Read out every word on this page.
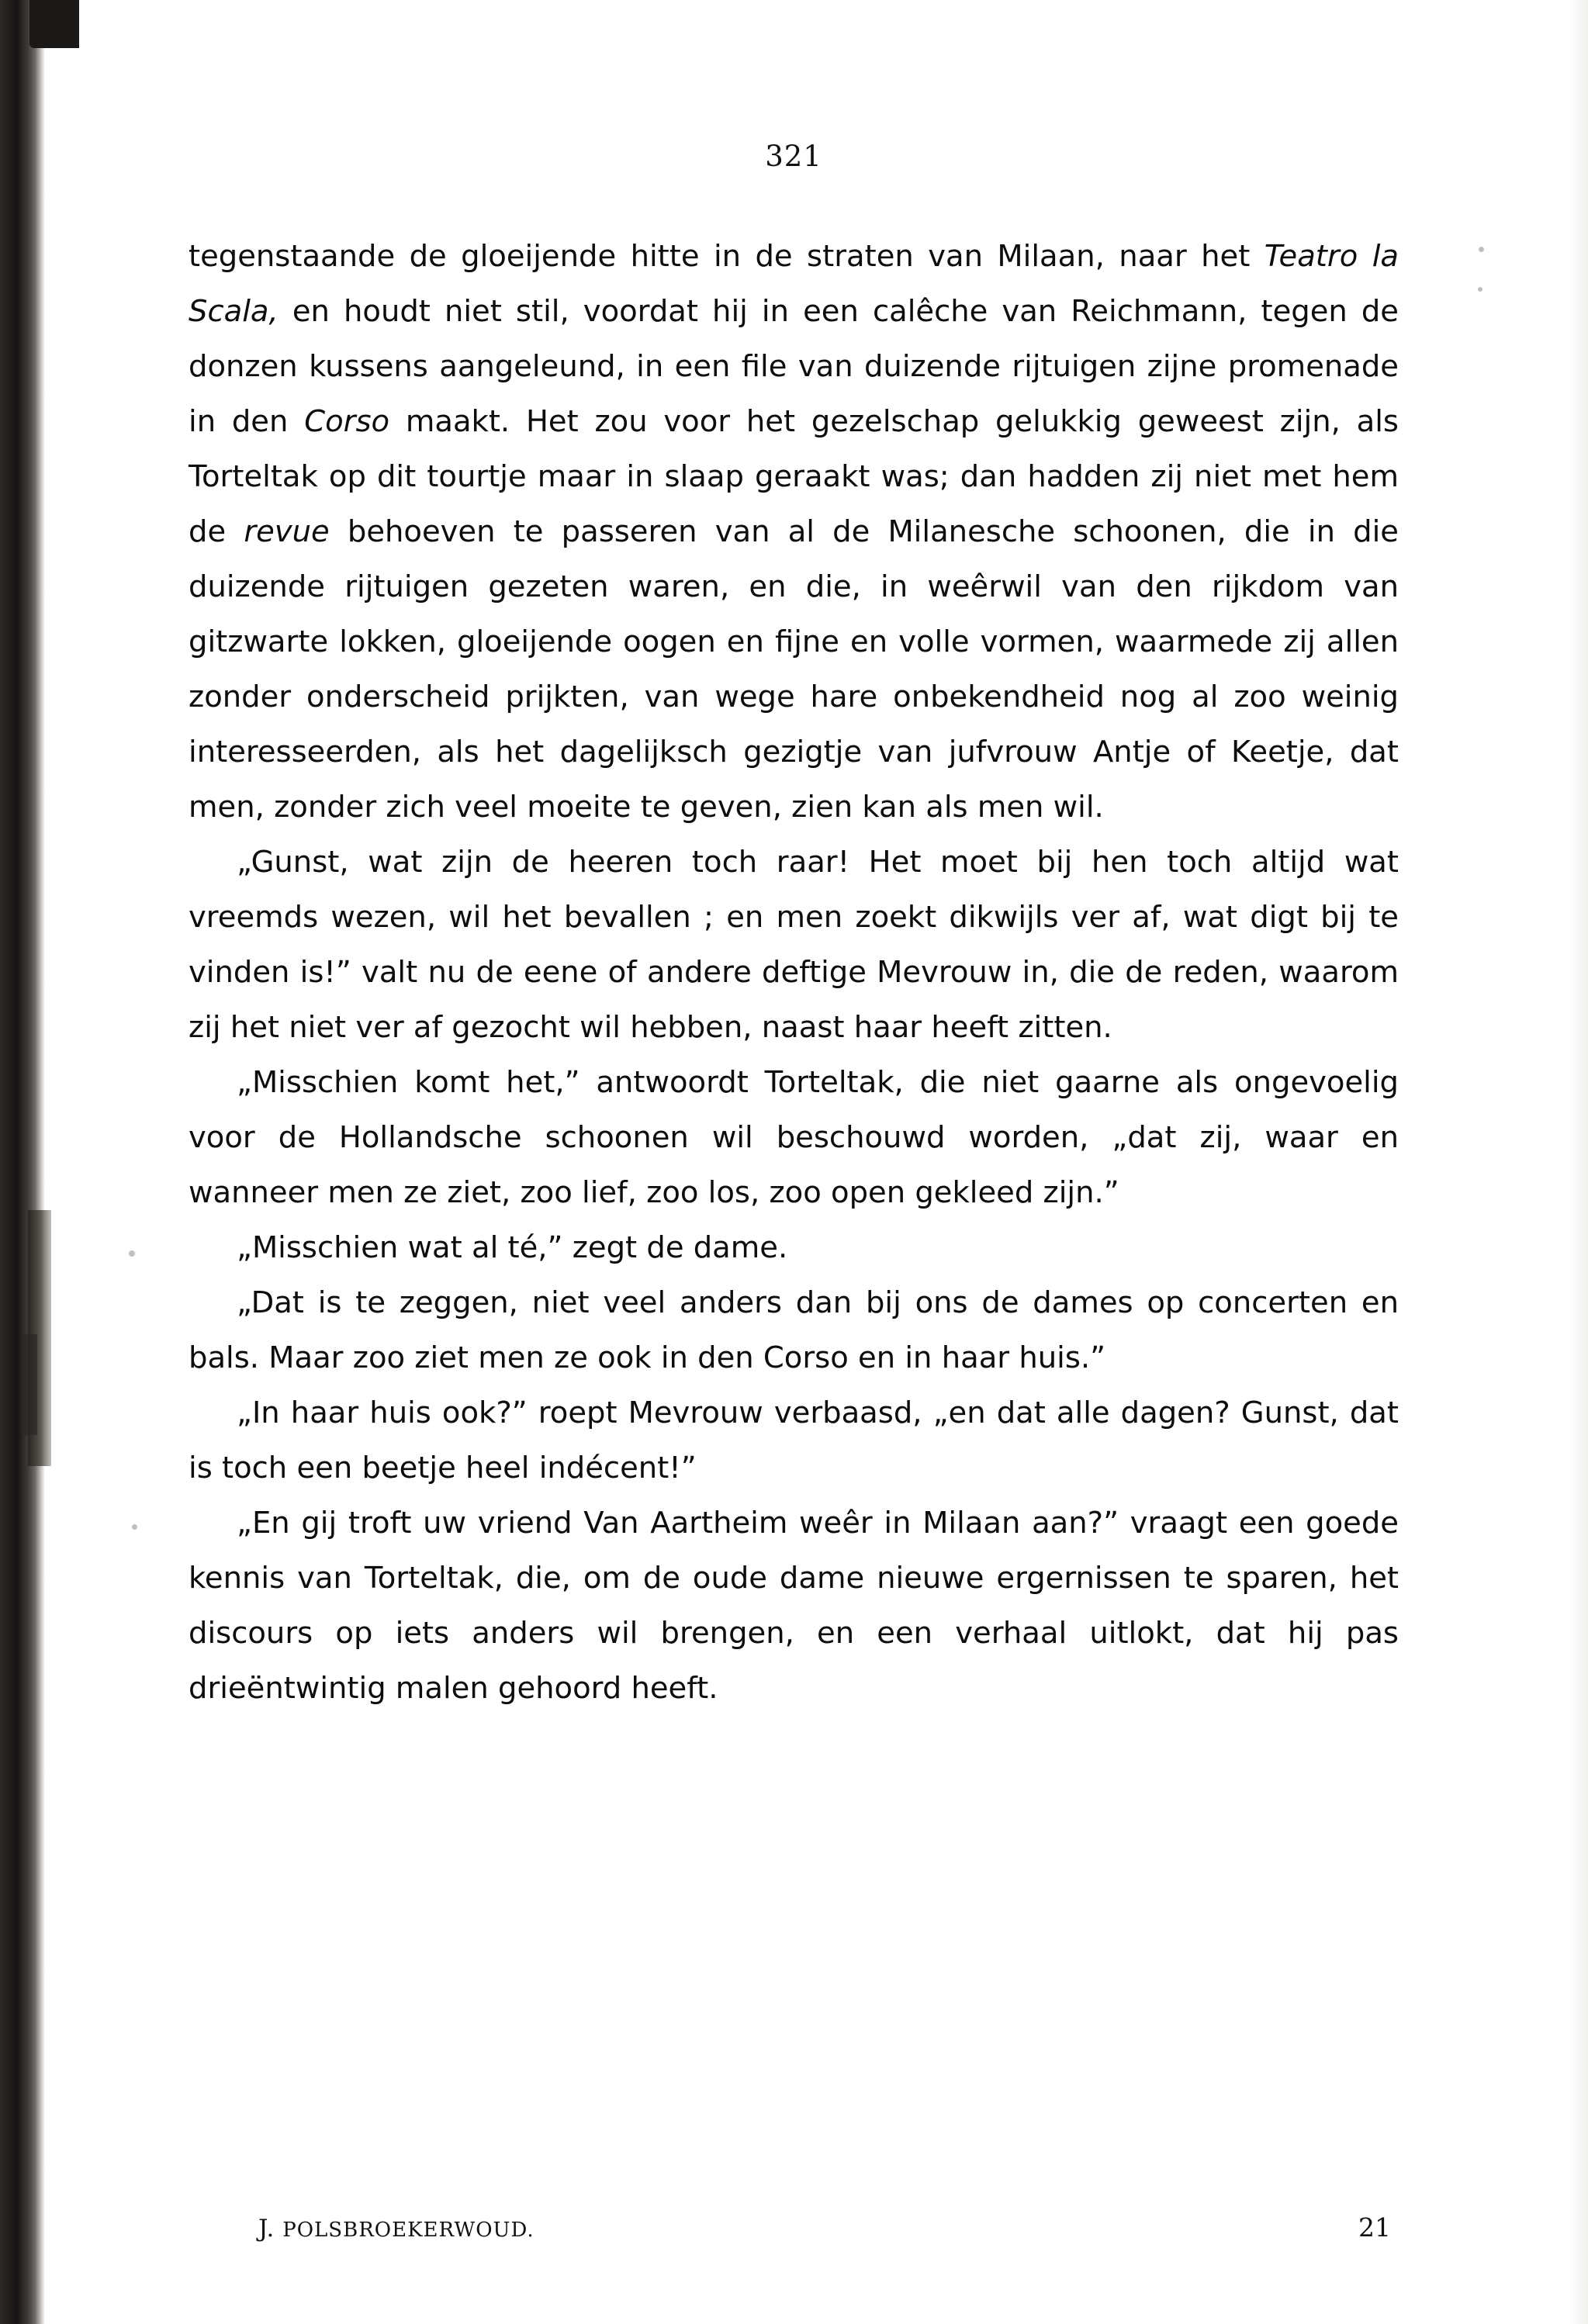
321

tegenstaande de gloeijende hitte in de straten van Milaan, naar het Teatro la Scala, en houdt niet stil, voordat hij in een calêche van Reichmann, tegen de donzen kussens aangeleund, in een file van duizende rijtuigen zijne promenade in den Corso maakt. Het zou voor het gezelschap gelukkig geweest zijn, als Torteltak op dit tourtje maar in slaap geraakt was; dan hadden zij niet met hem de revue behoeven te passeren van al de Milanesche schoonen, die in die duizende rijtuigen gezeten waren, en die, in weêrwil van den rijkdom van gitzwarte lokken, gloeijende oogen en fijne en volle vormen, waarmede zij allen zonder onderscheid prijkten, van wege hare onbekendheid nog al zoo weinig interesseerden, als het dagelijksch gezigtje van jufvrouw Antje of Keetje, dat men, zonder zich veel moeite te geven, zien kan als men wil.

„Gunst, wat zijn de heeren toch raar! Het moet bij hen toch altijd wat vreemds wezen, wil het bevallen ; en men zoekt dikwijls ver af, wat digt bij te vinden is!” valt nu de eene of andere deftige Mevrouw in, die de reden, waarom zij het niet ver af gezocht wil hebben, naast haar heeft zitten.

„Misschien komt het,” antwoordt Torteltak, die niet gaarne als ongevoelig voor de Hollandsche schoonen wil beschouwd worden, „dat zij, waar en wanneer men ze ziet, zoo lief, zoo los, zoo open gekleed zijn.”

„Misschien wat al té,” zegt de dame.

„Dat is te zeggen, niet veel anders dan bij ons de dames op concerten en bals. Maar zoo ziet men ze ook in den Corso en in haar huis.”

„In haar huis ook?” roept Mevrouw verbaasd, „en dat alle dagen? Gunst, dat is toch een beetje heel indécent!”

„En gij troft uw vriend Van Aartheim weêr in Milaan aan?” vraagt een goede kennis van Torteltak, die, om de oude dame nieuwe ergernissen te sparen, het discours op iets anders wil brengen, en een verhaal uitlokt, dat hij pas drieëntwintig malen gehoord heeft.

J. POLSBROEKERWOUD.	21
